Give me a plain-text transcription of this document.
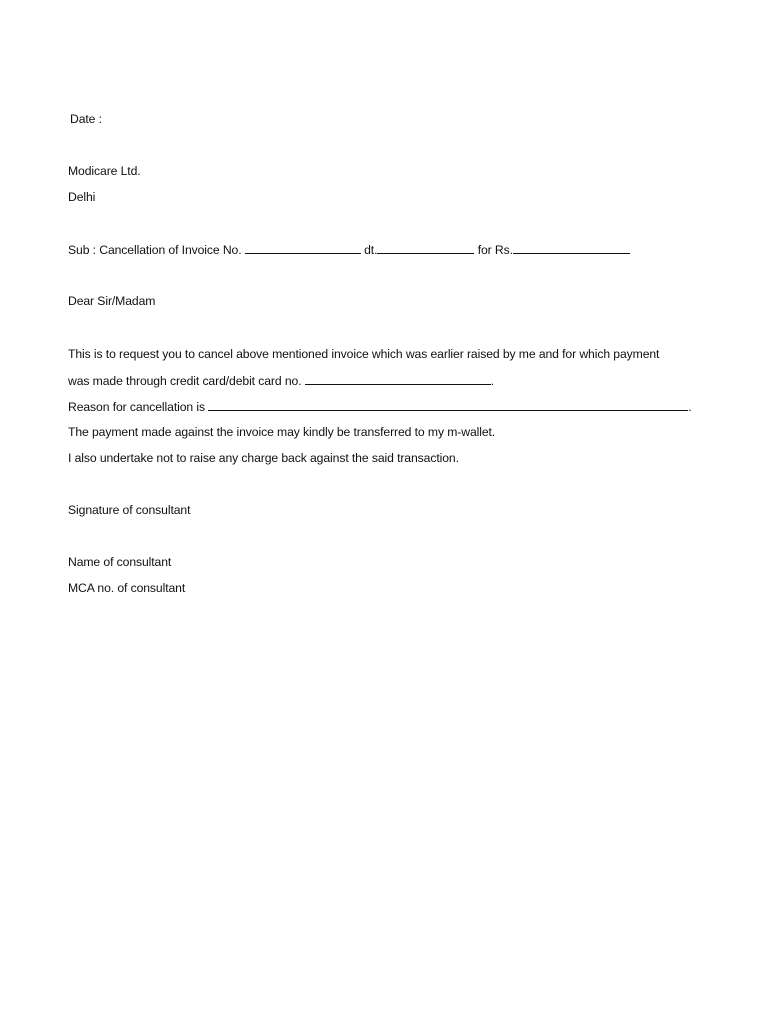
Date :
Modicare Ltd.
Delhi
Sub : Cancellation of Invoice No.	dt.	for Rs.
Dear Sir/Madam
This is to request you to cancel above mentioned invoice which was earlier raised by me and for which payment
was made through credit card/debit card no.	.
Reason for cancellation is	.
The payment made against the invoice may kindly be transferred to my m-wallet.
I also undertake not to raise any charge back against the said transaction.
Signature of consultant
Name of consultant
MCA no. of consultant
